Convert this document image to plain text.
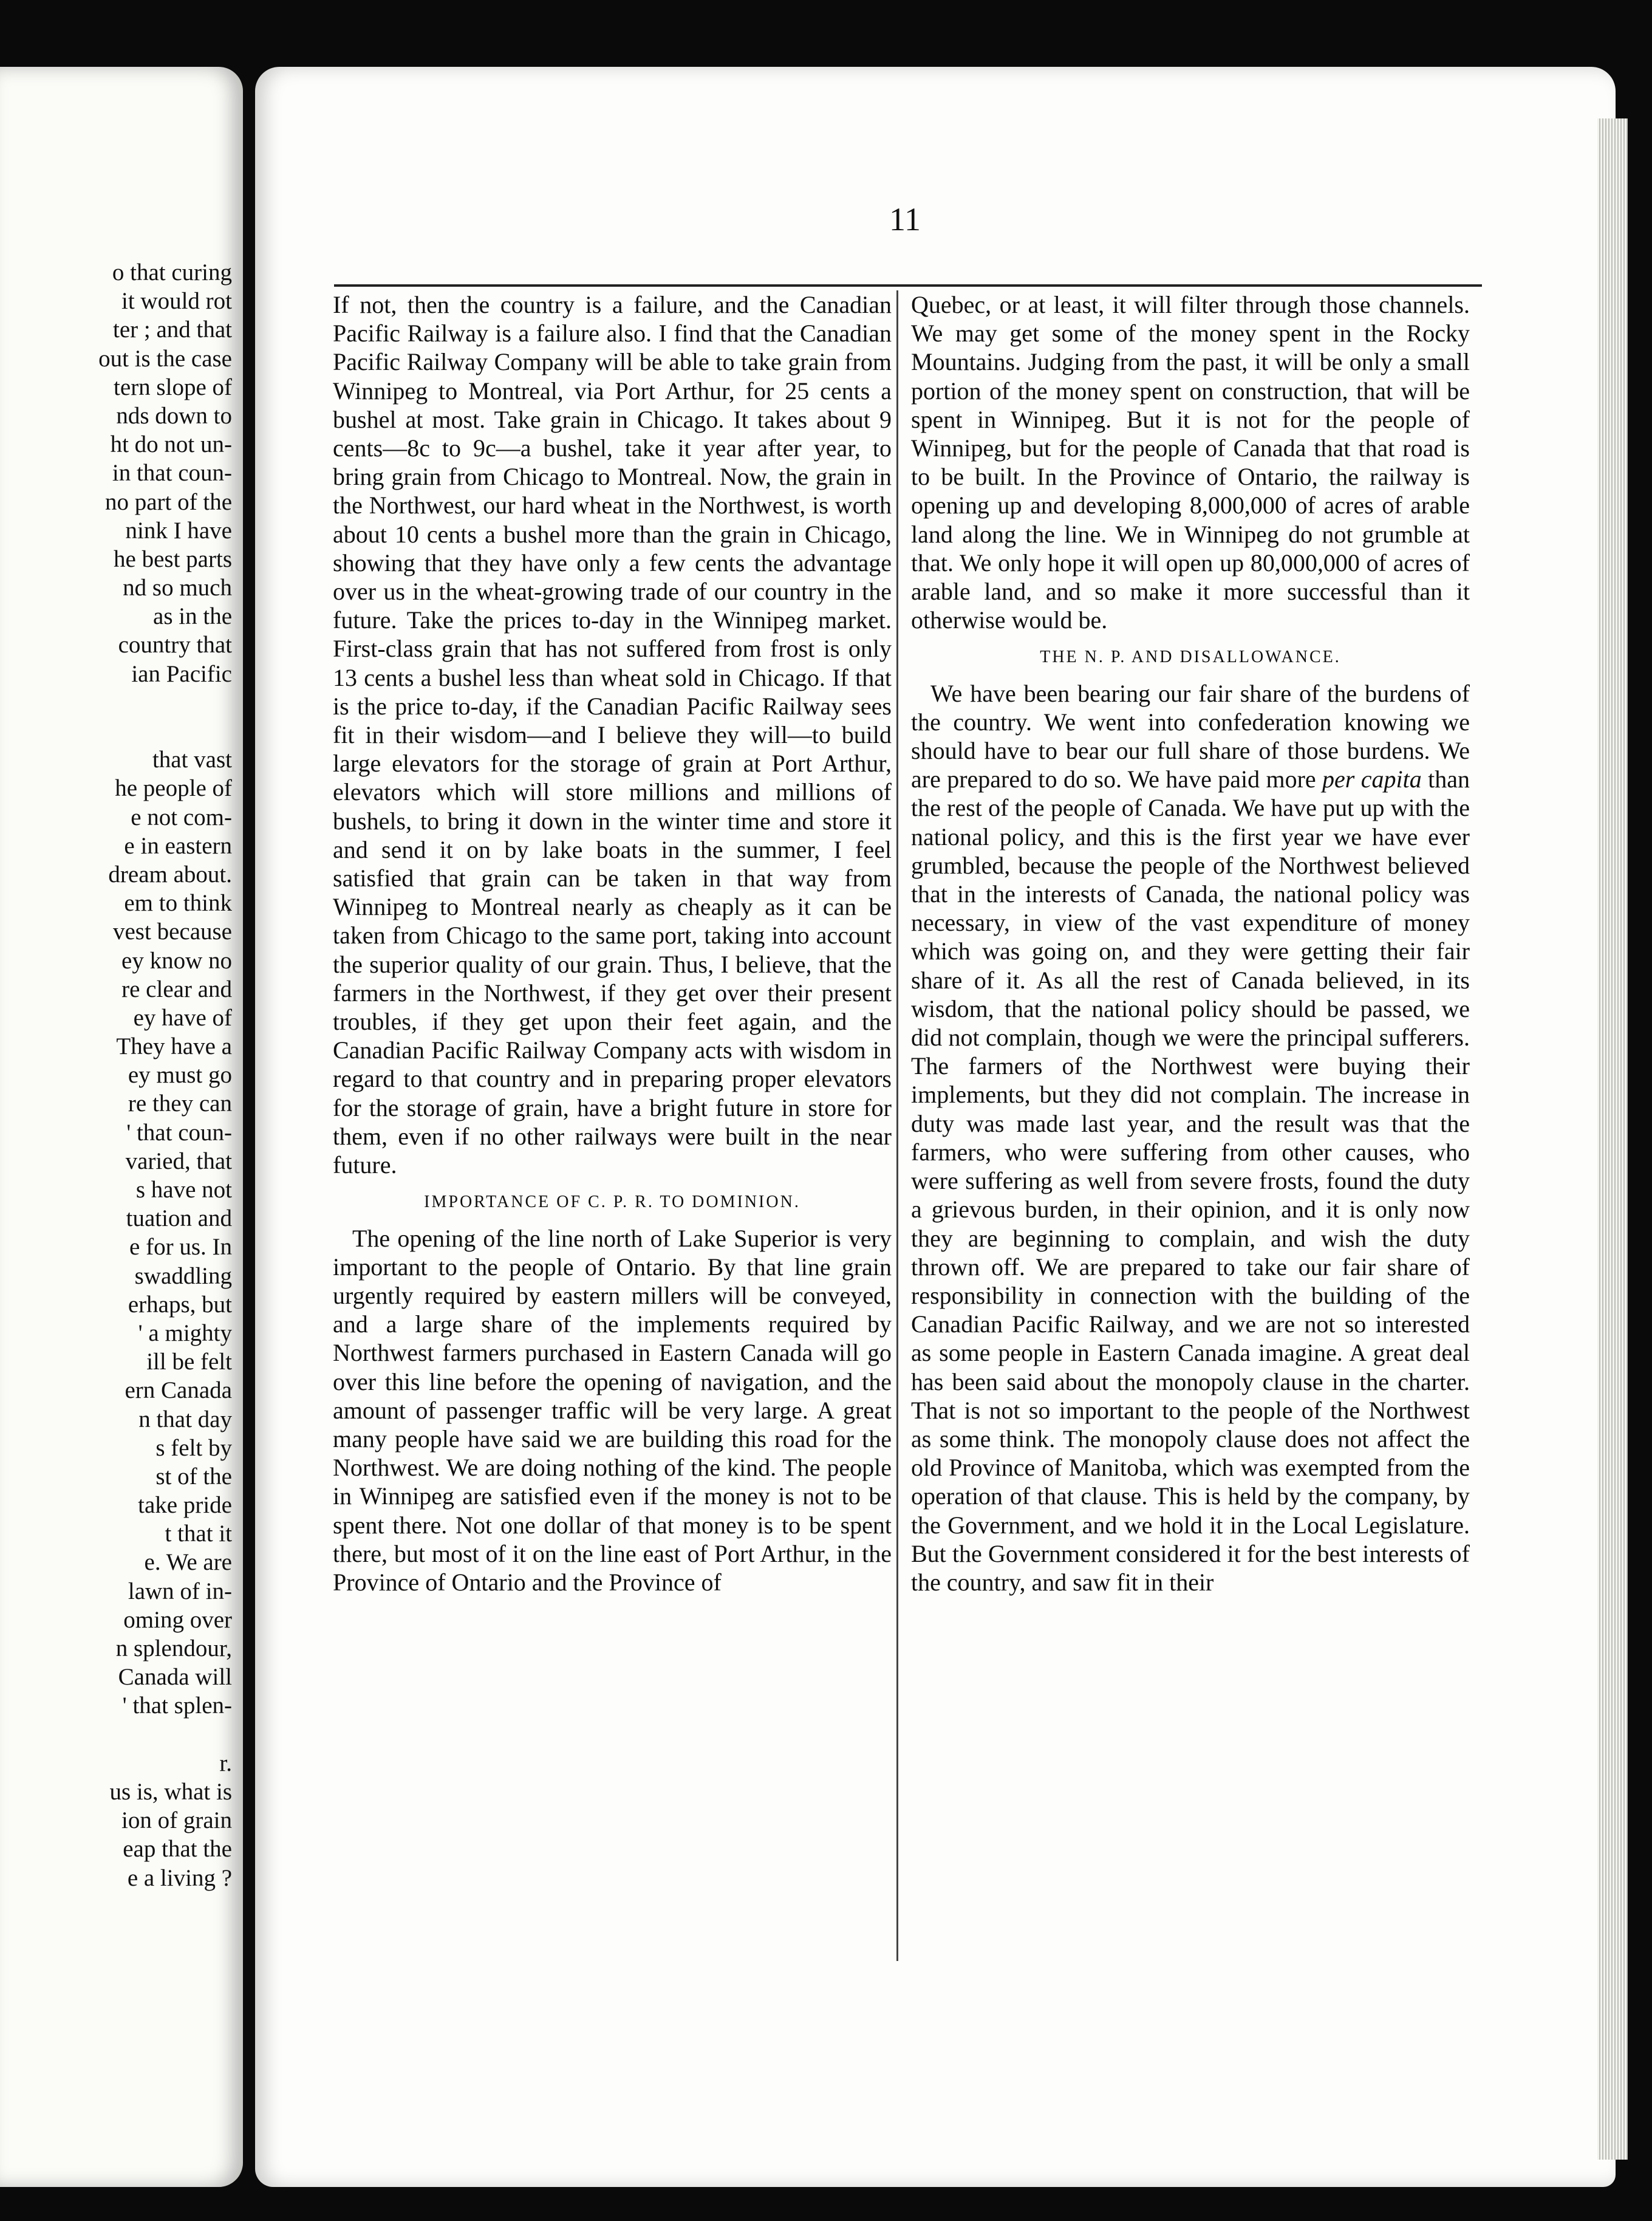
o that curing
it would rot
ter ; and that
out is the case
tern slope of
nds down to
ht do not un-
in that coun-
no part of the
nink I have
he best parts
nd so much
as in the
country that
ian Pacific
that vast
he people of
e not com-
e in eastern
dream about.
em to think
vest because
ey know no
re clear and
ey have of
They have a
ey must go
re they can
' that coun-
varied, that
s have not
tuation and
e for us. In
swaddling
erhaps, but
' a mighty
ill be felt
ern Canada
n that day
s felt by
st of the
take pride
t that it
e. We are
lawn of in-
oming over
n splendour,
Canada will
' that splen-
r.
us is, what is
ion of grain
eap that the
e a living ?
11

If not, then the country is a failure, and the Canadian Pacific Railway is a failure also. I find that the Canadian Pacific Railway Company will be able to take grain from Winnipeg to Montreal, via Port Arthur, for 25 cents a bushel at most. Take grain in Chicago. It takes about 9 cents—8c to 9c—a bushel, take it year after year, to bring grain from Chicago to Montreal. Now, the grain in the Northwest, our hard wheat in the Northwest, is worth about 10 cents a bushel more than the grain in Chicago, showing that they have only a few cents the advantage over us in the wheat-growing trade of our country in the future. Take the prices to-day in the Winnipeg market. First-class grain that has not suffered from frost is only 13 cents a bushel less than wheat sold in Chicago. If that is the price to-day, if the Canadian Pacific Railway sees fit in their wisdom—and I believe they will—to build large elevators for the storage of grain at Port Arthur, elevators which will store millions and millions of bushels, to bring it down in the winter time and store it and send it on by lake boats in the summer, I feel satisfied that grain can be taken in that way from Winnipeg to Montreal nearly as cheaply as it can be taken from Chicago to the same port, taking into account the superior quality of our grain. Thus, I believe, that the farmers in the Northwest, if they get over their present troubles, if they get upon their feet again, and the Canadian Pacific Railway Company acts with wisdom in regard to that country and in preparing proper elevators for the storage of grain, have a bright future in store for them, even if no other railways were built in the near future.

IMPORTANCE OF C. P. R. TO DOMINION.

The opening of the line north of Lake Superior is very important to the people of Ontario. By that line grain urgently required by eastern millers will be conveyed, and a large share of the implements required by Northwest farmers purchased in Eastern Canada will go over this line before the opening of navigation, and the amount of passenger traffic will be very large. A great many people have said we are building this road for the Northwest. We are doing nothing of the kind. The people in Winnipeg are satisfied even if the money is not to be spent there. Not one dollar of that money is to be spent there, but most of it on the line east of Port Arthur, in the Province of Ontario and the Province of

Quebec, or at least, it will filter through those channels. We may get some of the money spent in the Rocky Mountains. Judging from the past, it will be only a small portion of the money spent on construction, that will be spent in Winnipeg. But it is not for the people of Winnipeg, but for the people of Canada that that road is to be built. In the Province of Ontario, the railway is opening up and developing 8,000,000 of acres of arable land along the line. We in Winnipeg do not grumble at that. We only hope it will open up 80,000,000 of acres of arable land, and so make it more successful than it otherwise would be.

THE N. P. AND DISALLOWANCE.

We have been bearing our fair share of the burdens of the country. We went into confederation knowing we should have to bear our full share of those burdens. We are prepared to do so. We have paid more per capita than the rest of the people of Canada. We have put up with the national policy, and this is the first year we have ever grumbled, because the people of the Northwest believed that in the interests of Canada, the national policy was necessary, in view of the vast expenditure of money which was going on, and they were getting their fair share of it. As all the rest of Canada believed, in its wisdom, that the national policy should be passed, we did not complain, though we were the principal sufferers. The farmers of the Northwest were buying their implements, but they did not complain. The increase in duty was made last year, and the result was that the farmers, who were suffering from other causes, who were suffering as well from severe frosts, found the duty a grievous burden, in their opinion, and it is only now they are beginning to complain, and wish the duty thrown off. We are prepared to take our fair share of responsibility in connection with the building of the Canadian Pacific Railway, and we are not so interested as some people in Eastern Canada imagine. A great deal has been said about the monopoly clause in the charter. That is not so important to the people of the Northwest as some think. The monopoly clause does not affect the old Province of Manitoba, which was exempted from the operation of that clause. This is held by the company, by the Government, and we hold it in the Local Legislature. But the Government considered it for the best interests of the country, and saw fit in their
